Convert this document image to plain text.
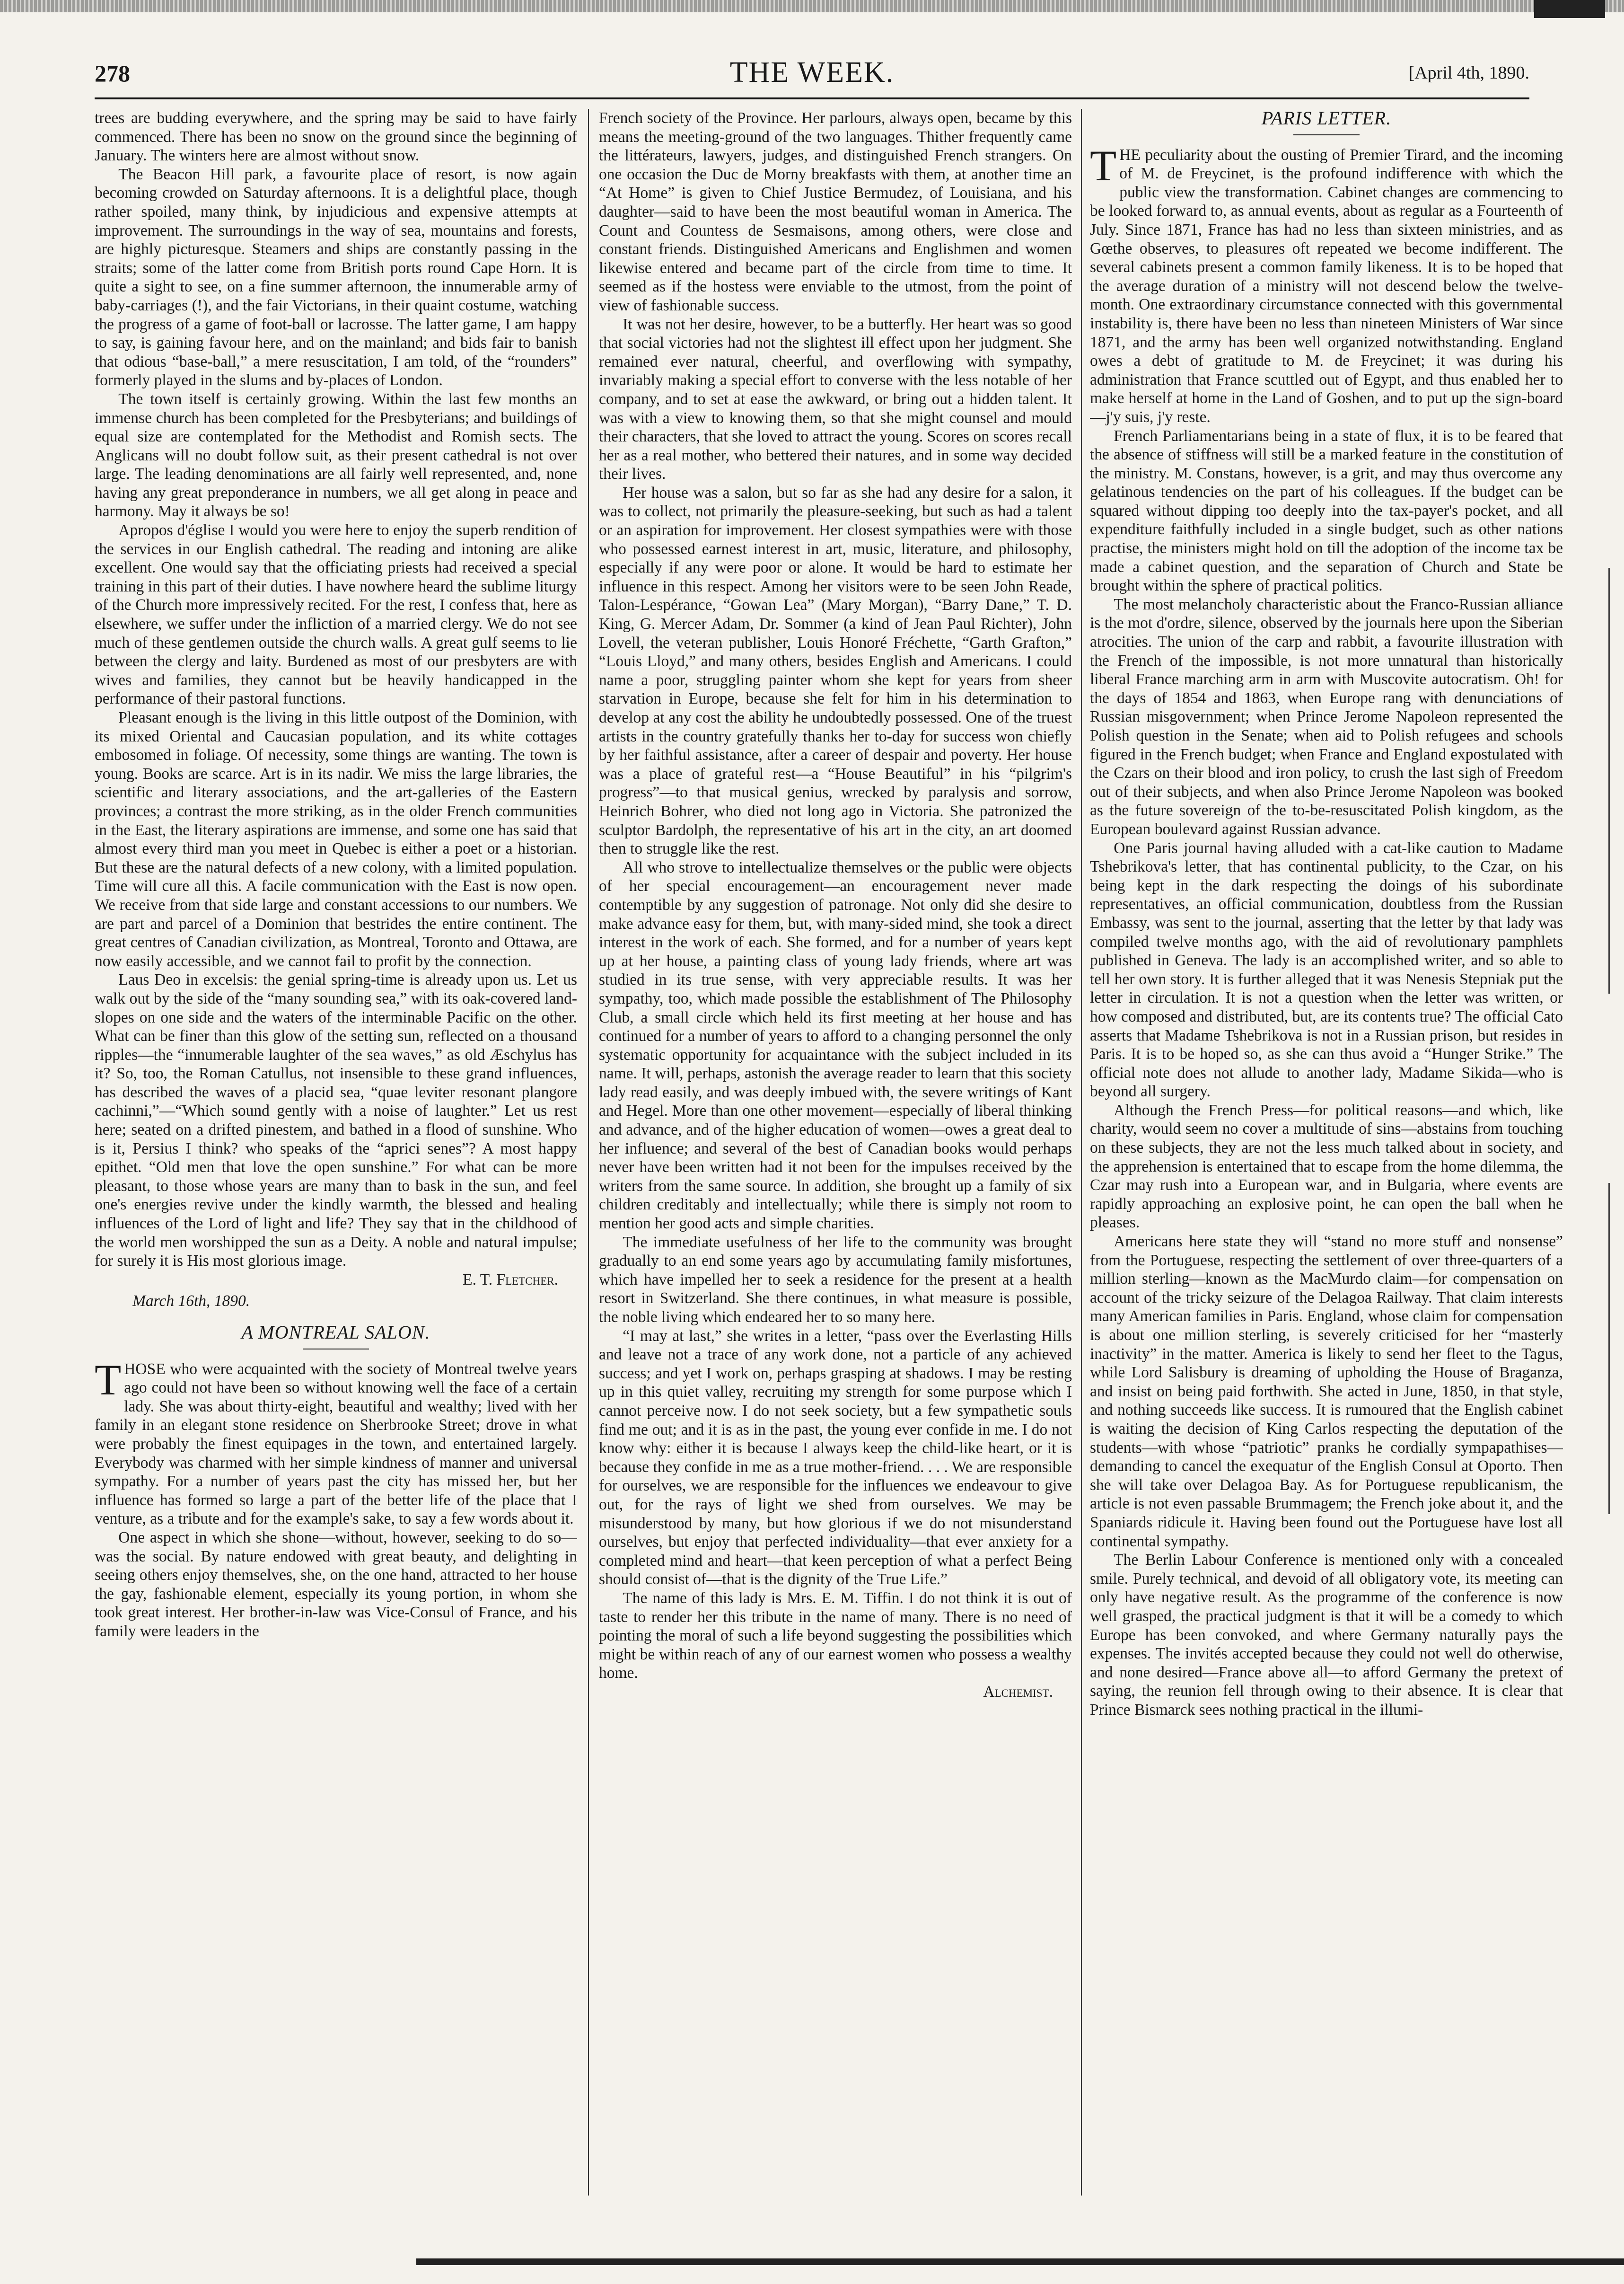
278	THE WEEK.	[April 4th, 1890.

trees are budding everywhere, and the spring may be said to have fairly commenced. There has been no snow on the ground since the beginning of January. The winters here are almost without snow.

The Beacon Hill park, a favourite place of resort, is now again becoming crowded on Saturday afternoons. It is a delightful place, though rather spoiled, many think, by injudicious and expensive attempts at improvement. The surroundings in the way of sea, mountains and forests, are highly picturesque. Steamers and ships are constantly passing in the straits; some of the latter come from British ports round Cape Horn. It is quite a sight to see, on a fine summer afternoon, the innumerable army of baby-carriages (!), and the fair Victorians, in their quaint costume, watching the progress of a game of foot-ball or lacrosse. The latter game, I am happy to say, is gaining favour here, and on the mainland; and bids fair to banish that odious “base-ball,” a mere resuscitation, I am told, of the “rounders” formerly played in the slums and by-places of London.

The town itself is certainly growing. Within the last few months an immense church has been completed for the Presbyterians; and buildings of equal size are contemplated for the Methodist and Romish sects. The Anglicans will no doubt follow suit, as their present cathedral is not over large. The leading denominations are all fairly well represented, and, none having any great preponderance in numbers, we all get along in peace and harmony. May it always be so!

Apropos d'église I would you were here to enjoy the superb rendition of the services in our English cathedral. The reading and intoning are alike excellent. One would say that the officiating priests had received a special training in this part of their duties. I have nowhere heard the sublime liturgy of the Church more impressively recited. For the rest, I confess that, here as elsewhere, we suffer under the infliction of a married clergy. We do not see much of these gentlemen outside the church walls. A great gulf seems to lie between the clergy and laity. Burdened as most of our presbyters are with wives and families, they cannot but be heavily handicapped in the performance of their pastoral functions.

Pleasant enough is the living in this little outpost of the Dominion, with its mixed Oriental and Caucasian population, and its white cottages embosomed in foliage. Of necessity, some things are wanting. The town is young. Books are scarce. Art is in its nadir. We miss the large libraries, the scientific and literary associations, and the art-galleries of the Eastern provinces; a contrast the more striking, as in the older French communities in the East, the literary aspirations are immense, and some one has said that almost every third man you meet in Quebec is either a poet or a historian. But these are the natural defects of a new colony, with a limited population. Time will cure all this. A facile communication with the East is now open. We receive from that side large and constant accessions to our numbers. We are part and parcel of a Dominion that bestrides the entire continent. The great centres of Canadian civilization, as Montreal, Toronto and Ottawa, are now easily accessible, and we cannot fail to profit by the connection.

Laus Deo in excelsis: the genial spring-time is already upon us. Let us walk out by the side of the “many sounding sea,” with its oak-covered land-slopes on one side and the waters of the interminable Pacific on the other. What can be finer than this glow of the setting sun, reflected on a thousand ripples—the “innumerable laughter of the sea waves,” as old Æschylus has it? So, too, the Roman Catullus, not insensible to these grand influences, has described the waves of a placid sea, “quae leviter resonant plangore cachinni,”—“Which sound gently with a noise of laughter.” Let us rest here; seated on a drifted pinestem, and bathed in a flood of sunshine. Who is it, Persius I think? who speaks of the “aprici senes”? A most happy epithet. “Old men that love the open sunshine.” For what can be more pleasant, to those whose years are many than to bask in the sun, and feel one's energies revive under the kindly warmth, the blessed and healing influences of the Lord of light and life? They say that in the childhood of the world men worshipped the sun as a Deity. A noble and natural impulse; for surely it is His most glorious image.

E. T. Fletcher.
March 16th, 1890.
A MONTREAL SALON.

THOSE who were acquainted with the society of Montreal twelve years ago could not have been so without knowing well the face of a certain lady. She was about thirty-eight, beautiful and wealthy; lived with her family in an elegant stone residence on Sherbrooke Street; drove in what were probably the finest equipages in the town, and entertained largely. Everybody was charmed with her simple kindness of manner and universal sympathy. For a number of years past the city has missed her, but her influence has formed so large a part of the better life of the place that I venture, as a tribute and for the example's sake, to say a few words about it.

One aspect in which she shone—without, however, seeking to do so—was the social. By nature endowed with great beauty, and delighting in seeing others enjoy themselves, she, on the one hand, attracted to her house the gay, fashionable element, especially its young portion, in whom she took great interest. Her brother-in-law was Vice-Consul of France, and his family were leaders in the

French society of the Province. Her parlours, always open, became by this means the meeting-ground of the two languages. Thither frequently came the littérateurs, lawyers, judges, and distinguished French strangers. On one occasion the Duc de Morny breakfasts with them, at another time an “At Home” is given to Chief Justice Bermudez, of Louisiana, and his daughter—said to have been the most beautiful woman in America. The Count and Countess de Sesmaisons, among others, were close and constant friends. Distinguished Americans and Englishmen and women likewise entered and became part of the circle from time to time. It seemed as if the hostess were enviable to the utmost, from the point of view of fashionable success.

It was not her desire, however, to be a butterfly. Her heart was so good that social victories had not the slightest ill effect upon her judgment. She remained ever natural, cheerful, and overflowing with sympathy, invariably making a special effort to converse with the less notable of her company, and to set at ease the awkward, or bring out a hidden talent. It was with a view to knowing them, so that she might counsel and mould their characters, that she loved to attract the young. Scores on scores recall her as a real mother, who bettered their natures, and in some way decided their lives.

Her house was a salon, but so far as she had any desire for a salon, it was to collect, not primarily the pleasure-seeking, but such as had a talent or an aspiration for improvement. Her closest sympathies were with those who possessed earnest interest in art, music, literature, and philosophy, especially if any were poor or alone. It would be hard to estimate her influence in this respect. Among her visitors were to be seen John Reade, Talon-Lespérance, “Gowan Lea” (Mary Morgan), “Barry Dane,” T. D. King, G. Mercer Adam, Dr. Sommer (a kind of Jean Paul Richter), John Lovell, the veteran publisher, Louis Honoré Fréchette, “Garth Grafton,” “Louis Lloyd,” and many others, besides English and Americans. I could name a poor, struggling painter whom she kept for years from sheer starvation in Europe, because she felt for him in his determination to develop at any cost the ability he undoubtedly possessed. One of the truest artists in the country gratefully thanks her to-day for success won chiefly by her faithful assistance, after a career of despair and poverty. Her house was a place of grateful rest—a “House Beautiful” in his “pilgrim's progress”—to that musical genius, wrecked by paralysis and sorrow, Heinrich Bohrer, who died not long ago in Victoria. She patronized the sculptor Bardolph, the representative of his art in the city, an art doomed then to struggle like the rest.

All who strove to intellectualize themselves or the public were objects of her special encouragement—an encouragement never made contemptible by any suggestion of patronage. Not only did she desire to make advance easy for them, but, with many-sided mind, she took a direct interest in the work of each. She formed, and for a number of years kept up at her house, a painting class of young lady friends, where art was studied in its true sense, with very appreciable results. It was her sympathy, too, which made possible the establishment of The Philosophy Club, a small circle which held its first meeting at her house and has continued for a number of years to afford to a changing personnel the only systematic opportunity for acquaintance with the subject included in its name. It will, perhaps, astonish the average reader to learn that this society lady read easily, and was deeply imbued with, the severe writings of Kant and Hegel. More than one other movement—especially of liberal thinking and advance, and of the higher education of women—owes a great deal to her influence; and several of the best of Canadian books would perhaps never have been written had it not been for the impulses received by the writers from the same source. In addition, she brought up a family of six children creditably and intellectually; while there is simply not room to mention her good acts and simple charities.

The immediate usefulness of her life to the community was brought gradually to an end some years ago by accumulating family misfortunes, which have impelled her to seek a residence for the present at a health resort in Switzerland. She there continues, in what measure is possible, the noble living which endeared her to so many here.

“I may at last,” she writes in a letter, “pass over the Everlasting Hills and leave not a trace of any work done, not a particle of any achieved success; and yet I work on, perhaps grasping at shadows. I may be resting up in this quiet valley, recruiting my strength for some purpose which I cannot perceive now. I do not seek society, but a few sympathetic souls find me out; and it is as in the past, the young ever confide in me. I do not know why: either it is because I always keep the child-like heart, or it is because they confide in me as a true mother-friend. . . . We are responsible for ourselves, we are responsible for the influences we endeavour to give out, for the rays of light we shed from ourselves. We may be misunderstood by many, but how glorious if we do not misunderstand ourselves, but enjoy that perfected individuality—that ever anxiety for a completed mind and heart—that keen perception of what a perfect Being should consist of—that is the dignity of the True Life.”

The name of this lady is Mrs. E. M. Tiffin. I do not think it is out of taste to render her this tribute in the name of many. There is no need of pointing the moral of such a life beyond suggesting the possibilities which might be within reach of any of our earnest women who possess a wealthy home.

Alchemist.
PARIS LETTER.

THE peculiarity about the ousting of Premier Tirard, and the incoming of M. de Freycinet, is the profound indifference with which the public view the transformation. Cabinet changes are commencing to be looked forward to, as annual events, about as regular as a Fourteenth of July. Since 1871, France has had no less than sixteen ministries, and as Gœthe observes, to pleasures oft repeated we become indifferent. The several cabinets present a common family likeness. It is to be hoped that the average duration of a ministry will not descend below the twelve-month. One extraordinary circumstance connected with this governmental instability is, there have been no less than nineteen Ministers of War since 1871, and the army has been well organized notwithstanding. England owes a debt of gratitude to M. de Freycinet; it was during his administration that France scuttled out of Egypt, and thus enabled her to make herself at home in the Land of Goshen, and to put up the sign-board—j'y suis, j'y reste.

French Parliamentarians being in a state of flux, it is to be feared that the absence of stiffness will still be a marked feature in the constitution of the ministry. M. Constans, however, is a grit, and may thus overcome any gelatinous tendencies on the part of his colleagues. If the budget can be squared without dipping too deeply into the tax-payer's pocket, and all expenditure faithfully included in a single budget, such as other nations practise, the ministers might hold on till the adoption of the income tax be made a cabinet question, and the separation of Church and State be brought within the sphere of practical politics.

The most melancholy characteristic about the Franco-Russian alliance is the mot d'ordre, silence, observed by the journals here upon the Siberian atrocities. The union of the carp and rabbit, a favourite illustration with the French of the impossible, is not more unnatural than historically liberal France marching arm in arm with Muscovite autocratism. Oh! for the days of 1854 and 1863, when Europe rang with denunciations of Russian misgovernment; when Prince Jerome Napoleon represented the Polish question in the Senate; when aid to Polish refugees and schools figured in the French budget; when France and England expostulated with the Czars on their blood and iron policy, to crush the last sigh of Freedom out of their subjects, and when also Prince Jerome Napoleon was booked as the future sovereign of the to-be-resuscitated Polish kingdom, as the European boulevard against Russian advance.

One Paris journal having alluded with a cat-like caution to Madame Tshebrikova's letter, that has continental publicity, to the Czar, on his being kept in the dark respecting the doings of his subordinate representatives, an official communication, doubtless from the Russian Embassy, was sent to the journal, asserting that the letter by that lady was compiled twelve months ago, with the aid of revolutionary pamphlets published in Geneva. The lady is an accomplished writer, and so able to tell her own story. It is further alleged that it was Nenesis Stepniak put the letter in circulation. It is not a question when the letter was written, or how composed and distributed, but, are its contents true? The official Cato asserts that Madame Tshebrikova is not in a Russian prison, but resides in Paris. It is to be hoped so, as she can thus avoid a “Hunger Strike.” The official note does not allude to another lady, Madame Sikida—who is beyond all surgery.

Although the French Press—for political reasons—and which, like charity, would seem no cover a multitude of sins—abstains from touching on these subjects, they are not the less much talked about in society, and the apprehension is entertained that to escape from the home dilemma, the Czar may rush into a European war, and in Bulgaria, where events are rapidly approaching an explosive point, he can open the ball when he pleases.

Americans here state they will “stand no more stuff and nonsense” from the Portuguese, respecting the settlement of over three-quarters of a million sterling—known as the MacMurdo claim—for compensation on account of the tricky seizure of the Delagoa Railway. That claim interests many American families in Paris. England, whose claim for compensation is about one million sterling, is severely criticised for her “masterly inactivity” in the matter. America is likely to send her fleet to the Tagus, while Lord Salisbury is dreaming of upholding the House of Braganza, and insist on being paid forthwith. She acted in June, 1850, in that style, and nothing succeeds like success. It is rumoured that the English cabinet is waiting the decision of King Carlos respecting the deputation of the students—with whose “patriotic” pranks he cordially sympapathises—demanding to cancel the exequatur of the English Consul at Oporto. Then she will take over Delagoa Bay. As for Portuguese republicanism, the article is not even passable Brummagem; the French joke about it, and the Spaniards ridicule it. Having been found out the Portuguese have lost all continental sympathy.

The Berlin Labour Conference is mentioned only with a concealed smile. Purely technical, and devoid of all obligatory vote, its meeting can only have negative result. As the programme of the conference is now well grasped, the practical judgment is that it will be a comedy to which Europe has been convoked, and where Germany naturally pays the expenses. The invités accepted because they could not well do otherwise, and none desired—France above all—to afford Germany the pretext of saying, the reunion fell through owing to their absence. It is clear that Prince Bismarck sees nothing practical in the illumi-
